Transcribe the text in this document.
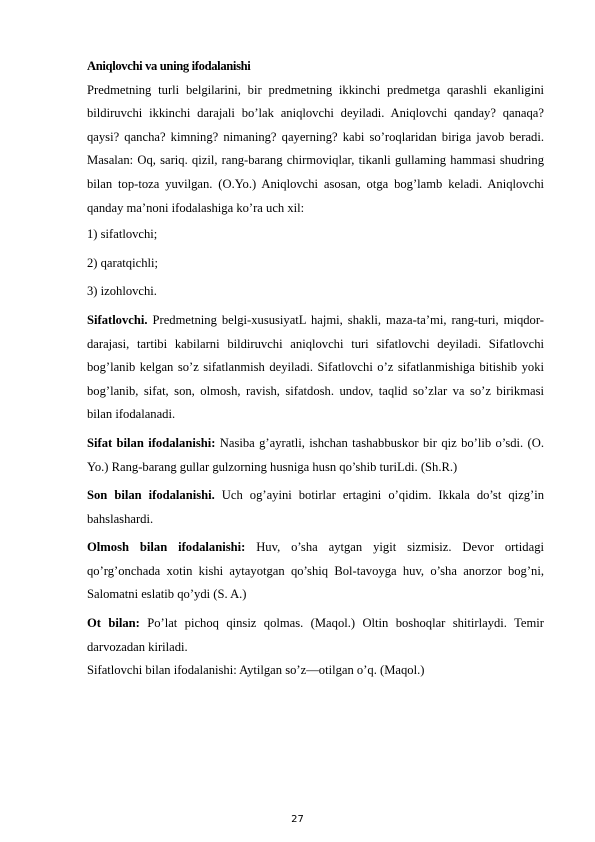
Aniqlovchi va uning ifodalanishi

Predmetning turli belgilarini, bir predmetning ikkinchi predmetga qarashli ekanligini bildiruvchi ikkinchi darajali bo’lak aniqlovchi deyiladi. Aniqlovchi qanday? qanaqa? qaysi? qancha? kimning? nimaning? qayerning? kabi so’roqlaridan biriga javob beradi. Masalan: Oq, sariq. qizil, rang-barang chirmoviqlar, tikanli gullaming hammasi shudring bilan top-toza yuvilgan. (O.Yo.) Aniqlovchi asosan, otga bog’lamb keladi. Aniqlovchi qanday ma’noni ifodalashiga ko’ra uch xil:

1) sifatlovchi;

2) qaratqichli;

3) izohlovchi.

Sifatlovchi. Predmetning belgi-xususiyatL hajmi, shakli, maza-ta’mi, rang-turi, miqdor-darajasi, tartibi kabilarni bildiruvchi aniqlovchi turi sifatlovchi deyiladi. Sifatlovchi bog’lanib kelgan so’z sifatlanmish deyiladi. Sifatlovchi o’z sifatlanmishiga bitishib yoki bog’lanib, sifat, son, olmosh, ravish, sifatdosh. undov, taqlid so’zlar va so’z birikmasi bilan ifodalanadi.

Sifat bilan ifodalanishi: Nasiba g’ayratli, ishchan tashabbuskor bir qiz bo’lib o’sdi. (O. Yo.) Rang-barang gullar gulzorning husniga husn qo’shib turiLdi. (Sh.R.)

Son bilan ifodalanishi. Uch og’ayini botirlar ertagini o’qidim. Ikkala do’st qizg’in bahslashardi.

Olmosh bilan ifodalanishi: Huv, o’sha aytgan yigit sizmisiz. Devor ortidagi qo’rg’onchada xotin kishi aytayotgan qo’shiq Bol-tavoyga huv, o’sha anorzor bog’ni, Salomatni eslatib qo’ydi (S. A.)

Ot bilan: Po’lat pichoq qinsiz qolmas. (Maqol.) Oltin boshoqlar shitirlaydi. Temir darvozadan kiriladi.

Sifatlovchi bilan ifodalanishi: Aytilgan so’z—otilgan o’q. (Maqol.)

27
